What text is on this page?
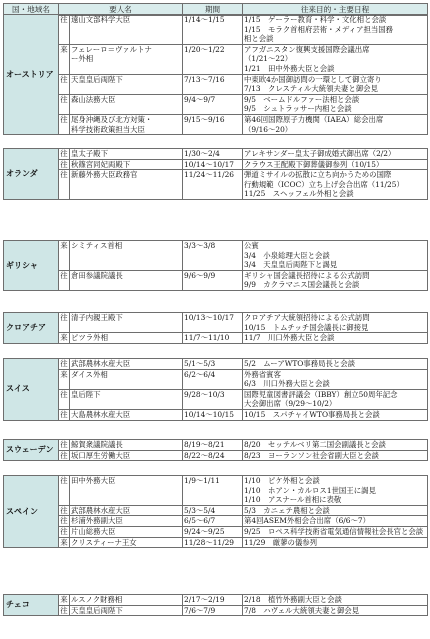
国・地域名	要人名	期間	往来目的・主要日程
オーストリア	往	遠山文部科学大臣	1/14～1/15	1/15　ゲーラー教育・科学・文化相と会談
1/15　モラク首相府芸術・メディア担当国務
相と会談

	来	フェレーロ＝ヴァルトナ
ー外相	1/20～1/22	アフガニスタン復興支援国際会議出席
（1/21～22）
1/21　田中外務大臣と会談

	往	天皇皇后両陛下	7/13～7/16	中東欧4か国御訪問の一環として御立寄り
7/13　クレスティル大統領夫妻と御会見

	往	森山法務大臣	9/4～9/7	9/5　ベームドルファー法相と会談
9/5　シュトラッサー内相と会談

	往	尾身沖縄及び北方対策・
科学技術政策担当大臣	9/15～9/16	第46回国際原子力機関（IAEA）総会出席
（9/16～20）
オランダ	往	皇太子殿下	1/30～2/4	アレキサンダー皇太子御成婚式御出席（2/2）

	往	秋篠宮同妃両殿下	10/14～10/17	クラウス王配殿下御葬儀御参列（10/15）

	往	新藤外務大臣政務官	11/24～11/26	弾道ミサイルの拡散に立ち向かうための国際
行動規範（ICOC）立ち上げ会合出席（11/25）
11/25　スヘッフェル外相と会談
ギリシャ	来	シミティス首相	3/3～3/8	公賓
3/4　小泉総理大臣と会談
3/4　天皇皇后両陛下と謁見

	往	倉田参議院議長	9/6～9/9	ギリシャ国会議長招待による公式訪問
9/9　カクラマニス国会議長と会談
クロアチア	往	清子内親王殿下	10/13～10/17	クロアチア大統領招待による公式訪問
10/15　トムチッチ国会議長に御接見

	来	ピツラ外相	11/7～11/10	11/7　川口外務大臣と会談
スイス	往	武部農林水産大臣	5/1～5/3	5/2　ムーアWTO事務局長と会談

	来	ダイス外相	6/2～6/4	外務省賓客
6/3　川口外務大臣と会談

	往	皇后陛下	9/28～10/3	国際児童図書評議会（IBBY）創立50周年記念
大会御出席（9/29～10/2）

	往	大島農林水産大臣	10/14～10/15	10/15　スパチャイWTO事務局長と会談
スウェーデン	往	鯨賀衆議院議長	8/19～8/21	8/20　セッテルベリ第二国会副議長と会談

	往	坂口厚生労働大臣	8/22～8/24	8/23　ヨーランソン社会省副大臣と会談
スペイン	往	田中外務大臣	1/9～1/11	1/10　ピケ外相と会談
1/10　ホアン・カルロス1世国王に謁見
1/10　アスナール首相に表敬

	往	武部農林水産大臣	5/3～5/4	5/3　カニェテ農相と会談

	往	杉浦外務副大臣	6/5～6/7	第4回ASEM外相会合出席（6/6～7）

	往	片山総務大臣	9/24～9/25	9/25　ロペス科学技術省電気通信情報社会長官と会談

	来	クリスティーナ王女	11/28～11/29	11/29　厳蓼の儀参列
チェコ	来	ルスノク財務相	2/17～2/19	2/18　植竹外務副大臣と会談

	往	天皇皇后両陛下	7/6～7/9	7/8　ハヴェル大統領夫妻と御会見
